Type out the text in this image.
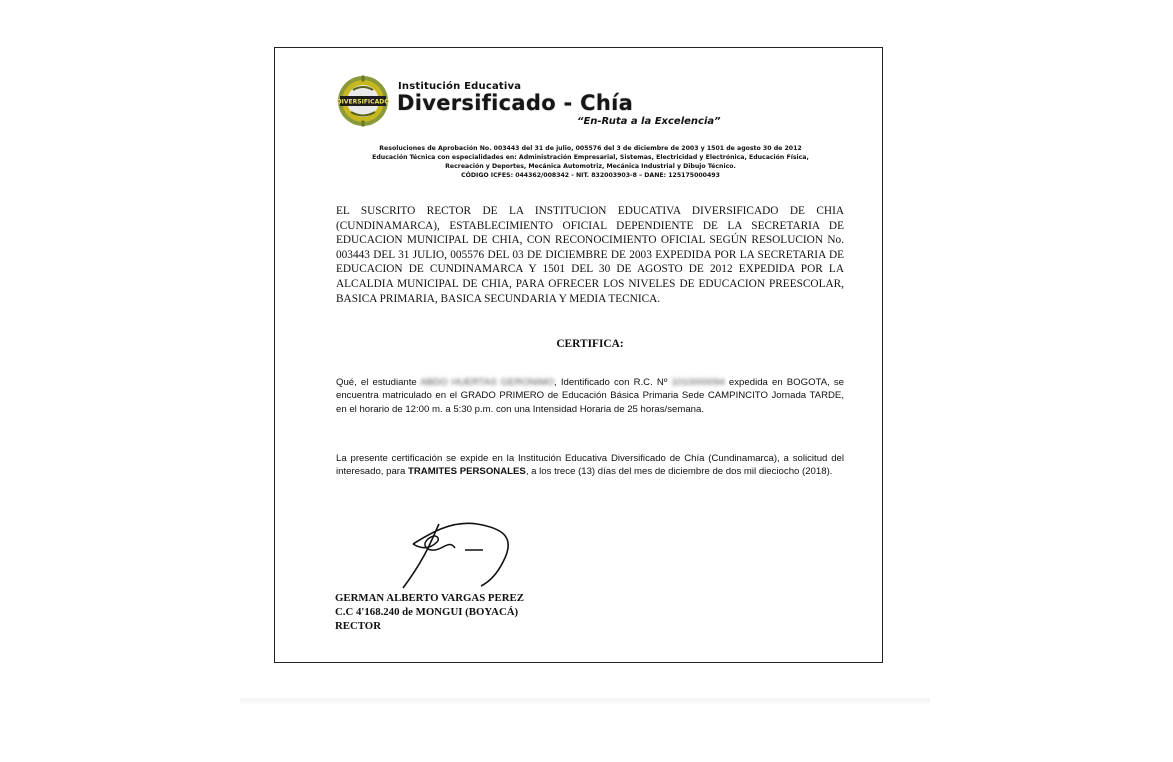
DIVERSIFICADO
Institución Educativa
Diversificado - Chía
“En-Ruta a la Excelencia”
Resoluciones de Aprobación No. 003443 del 31 de julio, 005576 del 3 de diciembre de 2003 y 1501 de agosto 30 de 2012
Educación Técnica con especialidades en: Administración Empresarial, Sistemas, Electricidad y Electrónica, Educación Física,
Recreación y Deportes, Mecánica Automotriz, Mecánica Industrial y Dibujo Técnico.
CÓDIGO ICFES: 044362/008342 - NIT. 832003903-8 – DANE: 125175000493
EL SUSCRITO RECTOR DE LA INSTITUCION EDUCATIVA DIVERSIFICADO DE CHIA (CUNDINAMARCA), ESTABLECIMIENTO OFICIAL DEPENDIENTE DE LA SECRETARIA DE EDUCACION MUNICIPAL DE CHIA, CON RECONOCIMIENTO OFICIAL SEGÚN RESOLUCION No. 003443 DEL 31 JULIO, 005576 DEL 03 DE DICIEMBRE DE 2003 EXPEDIDA POR LA SECRETARIA DE EDUCACION DE CUNDINAMARCA Y 1501 DEL 30 DE AGOSTO DE 2012 EXPEDIDA POR LA ALCALDIA MUNICIPAL DE CHIA, PARA OFRECER LOS NIVELES DE EDUCACION PREESCOLAR, BASICA PRIMARIA, BASICA SECUNDARIA Y MEDIA TECNICA.
CERTIFICA:
Qué, el estudiante ABDO HUERTAS GERONIMO, Identificado con R.C. Nº 1010000094 expedida en BOGOTA, se encuentra matriculado en el GRADO PRIMERO de Educación Básica Primaria Sede CAMPINCITO Jornada TARDE, en el horario de 12:00 m. a 5:30 p.m. con una Intensidad Horaria de 25 horas/semana.
La presente certificación se expide en la Institución Educativa Diversificado de Chía (Cundinamarca), a solicitud del interesado, para TRAMITES PERSONALES, a los trece (13) días del mes de diciembre de dos mil dieciocho (2018).
GERMAN ALBERTO VARGAS PEREZ
C.C 4'168.240 de MONGUI (BOYACÁ)
RECTOR
